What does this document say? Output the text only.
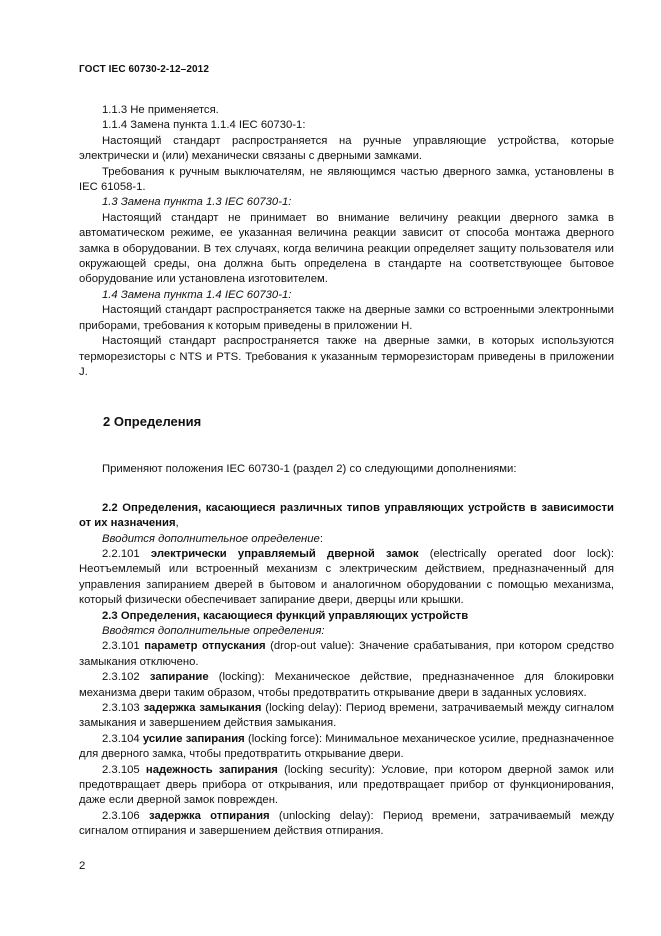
ГОСТ IEC 60730-2-12–2012

1.1.3 Не применяется.

1.1.4 Замена пункта 1.1.4 IEC 60730-1:

Настоящий стандарт распространяется на ручные управляющие устройства, которые электрически и (или) механически связаны с дверными замками.

Требования к ручным выключателям, не являющимся частью дверного замка, установлены в IEC 61058-1.

1.3 Замена пункта 1.3 IEC 60730-1:

Настоящий стандарт не принимает во внимание величину реакции дверного замка в автоматическом режиме, ее указанная величина реакции зависит от способа монтажа дверного замка в оборудовании. В тех случаях, когда величина реакции определяет защиту пользователя или окружающей среды, она должна быть определена в стандарте на соответствующее бытовое оборудование или установлена изготовителем.

1.4 Замена пункта 1.4 IEC 60730-1:

Настоящий стандарт распространяется также на дверные замки со встроенными электронными приборами, требования к которым приведены в приложении H.

Настоящий стандарт распространяется также на дверные замки, в которых используются терморезисторы с NTS и PTS. Требования к указанным терморезисторам приведены в приложении J.

2 Определения

Применяют положения IEC 60730-1 (раздел 2) со следующими дополнениями:

2.2 Определения, касающиеся различных типов управляющих устройств в зависимости от их назначения,

Вводится дополнительное определение:

2.2.101 электрически управляемый дверной замок (electrically operated door lock): Неотъемлемый или встроенный механизм с электрическим действием, предназначенный для управления запиранием дверей в бытовом и аналогичном оборудовании с помощью механизма, который физически обеспечивает запирание двери, дверцы или крышки.

2.3 Определения, касающиеся функций управляющих устройств

Вводятся дополнительные определения:

2.3.101 параметр отпускания (drop-out value): Значение срабатывания, при котором средство замыкания отключено.

2.3.102 запирание (locking): Механическое действие, предназначенное для блокировки механизма двери таким образом, чтобы предотвратить открывание двери в заданных условиях.

2.3.103 задержка замыкания (locking delay): Период времени, затрачиваемый между сигналом замыкания и завершением действия замыкания.

2.3.104 усилие запирания (locking force): Минимальное механическое усилие, предназначенное для дверного замка, чтобы предотвратить открывание двери.

2.3.105 надежность запирания (locking security): Условие, при котором дверной замок или предотвращает дверь прибора от открывания, или предотвращает прибор от функционирования, даже если дверной замок поврежден.

2.3.106 задержка отпирания (unlocking delay): Период времени, затрачиваемый между сигналом отпирания и завершением действия отпирания.

2
